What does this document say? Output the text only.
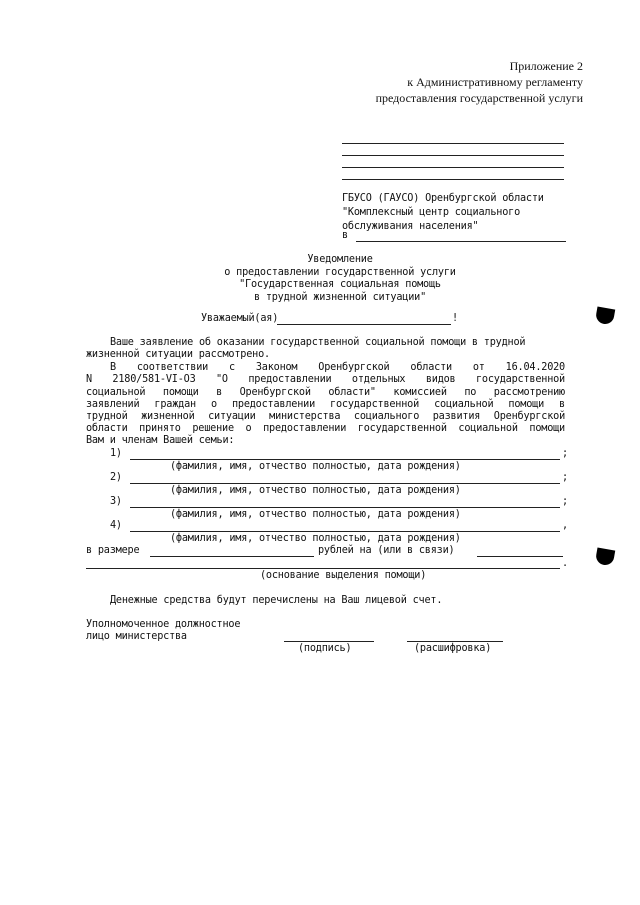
Приложение 2
к Административному регламенту
предоставления государственной услуги
ГБУСО (ГАУСО) Оренбургской области
"Комплексный центр социального
обслуживания населения"
в
Уведомление
о предоставлении государственной услуги
"Государственная социальная помощь
в трудной жизненной ситуации"
Уважаемый(ая)	!
Ваше заявление об оказании государственной социальной помощи в трудной
жизненной ситуации рассмотрено.
В соответствии с Законом Оренбургской области от 16.04.2020
N 2180/581-VI-ОЗ "О предоставлении отдельных видов государственной
социальной помощи в Оренбургской области" комиссией по рассмотрению
заявлений граждан о предоставлении государственной социальной помощи в
трудной жизненной ситуации министерства социального развития Оренбургской
области принято решение о предоставлении государственной социальной помощи
Вам и членам Вашей семьи:
1)	;
(фамилия, имя, отчество полностью, дата рождения)
2)	;
(фамилия, имя, отчество полностью, дата рождения)
3)	;
(фамилия, имя, отчество полностью, дата рождения)
4)	,
(фамилия, имя, отчество полностью, дата рождения)
в размере	рублей на (или в связи)
.
(основание выделения помощи)
Денежные средства будут перечислены на Ваш лицевой счет.
Уполномоченное должностное
лицо министерства
(подпись)	(расшифровка)
